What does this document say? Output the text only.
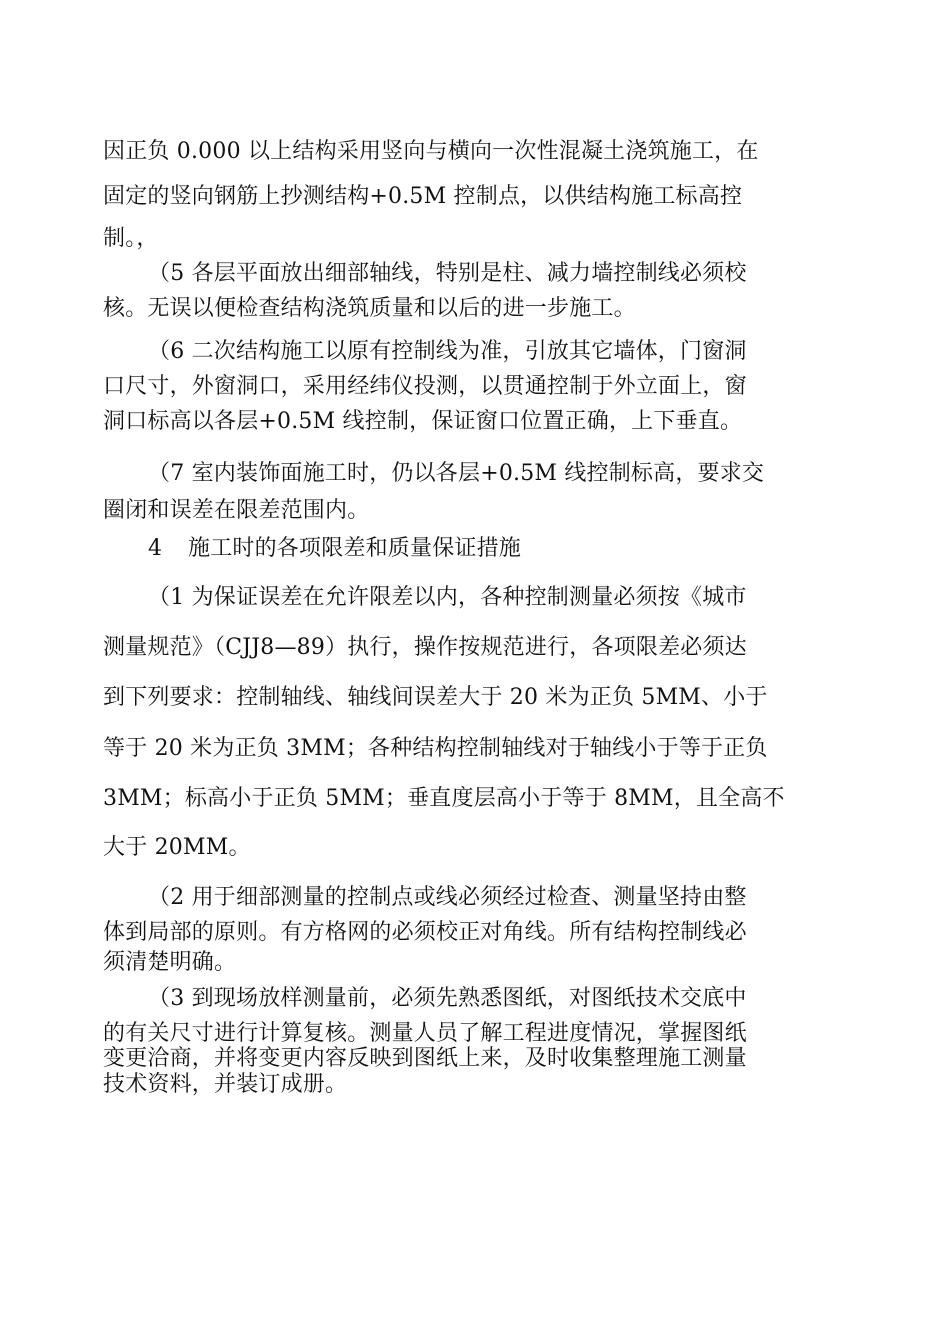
因正负 0.000 以上结构采用竖向与横向一次性混凝土浇筑施工，在
固定的竖向钢筋上抄测结构+0.5M 控制点，以供结构施工标高控
制。，
（5 各层平面放出细部轴线，特别是柱、减力墙控制线必须校
核。无误以便检查结构浇筑质量和以后的进一步施工。
（6 二次结构施工以原有控制线为准，引放其它墙体，门窗洞
口尺寸，外窗洞口，采用经纬仪投测，以贯通控制于外立面上，窗
洞口标高以各层+0.5M 线控制，保证窗口位置正确，上下垂直。
（7 室内装饰面施工时，仍以各层+0.5M 线控制标高，要求交
圈闭和误差在限差范围内。
4 施工时的各项限差和质量保证措施
（1 为保证误差在允许限差以内，各种控制测量必须按《城市
测量规范》（CJJ8—89）执行，操作按规范进行，各项限差必须达
到下列要求：控制轴线、轴线间误差大于 20 米为正负 5MM、小于
等于 20 米为正负 3MM；各种结构控制轴线对于轴线小于等于正负
3MM；标高小于正负 5MM；垂直度层高小于等于 8MM，且全高不
大于 20MM。
（2 用于细部测量的控制点或线必须经过检查、测量坚持由整
体到局部的原则。有方格网的必须校正对角线。所有结构控制线必
须清楚明确。
（3 到现场放样测量前，必须先熟悉图纸，对图纸技术交底中
的有关尺寸进行计算复核。测量人员了解工程进度情况，掌握图纸
变更洽商，并将变更内容反映到图纸上来，及时收集整理施工测量
技术资料，并装订成册。
